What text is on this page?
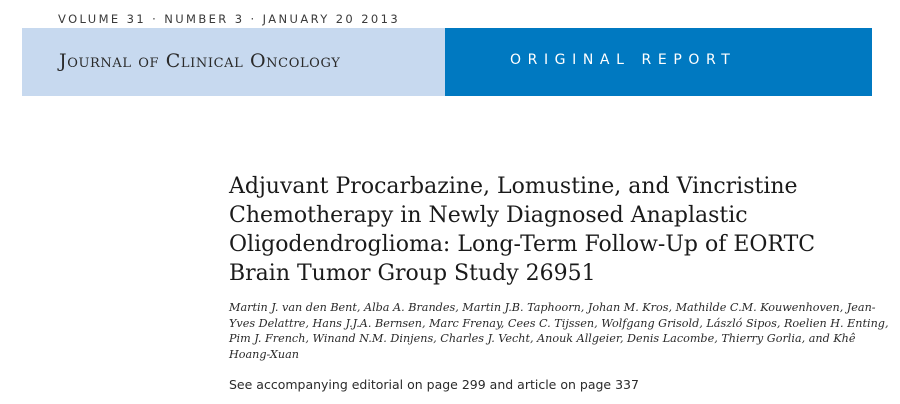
VOLUME 31 · NUMBER 3 · JANUARY 20 2013

Journal of Clinical Oncology	ORIGINAL REPORT

Adjuvant Procarbazine, Lomustine, and Vincristine Chemotherapy in Newly Diagnosed Anaplastic Oligodendroglioma: Long-Term Follow-Up of EORTC Brain Tumor Group Study 26951

Martin J. van den Bent, Alba A. Brandes, Martin J.B. Taphoorn, Johan M. Kros, Mathilde C.M. Kouwenhoven, Jean-Yves Delattre, Hans J.J.A. Bernsen, Marc Frenay, Cees C. Tijssen, Wolfgang Grisold, László Sipos, Roelien H. Enting, Pim J. French, Winand N.M. Dinjens, Charles J. Vecht, Anouk Allgeier, Denis Lacombe, Thierry Gorlia, and Khê Hoang-Xuan

See accompanying editorial on page 299 and article on page 337
